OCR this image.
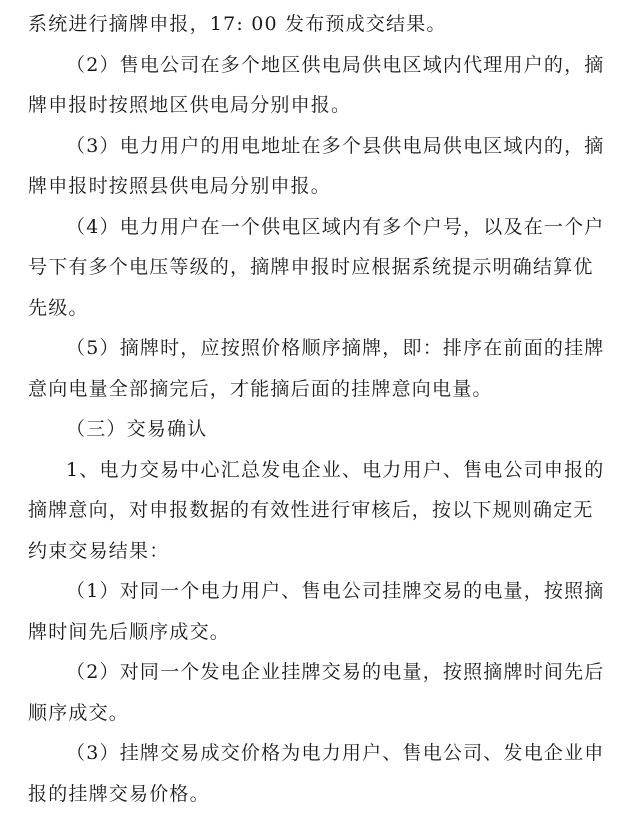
系统进行摘牌申报，17: 00 发布预成交结果。

（2）售电公司在多个地区供电局供电区域内代理用户的，摘
牌申报时按照地区供电局分别申报。

（3）电力用户的用电地址在多个县供电局供电区域内的，摘
牌申报时按照县供电局分别申报。

（4）电力用户在一个供电区域内有多个户号，以及在一个户
号下有多个电压等级的，摘牌申报时应根据系统提示明确结算优
先级。

（5）摘牌时，应按照价格顺序摘牌，即：排序在前面的挂牌
意向电量全部摘完后，才能摘后面的挂牌意向电量。

（三）交易确认

1、电力交易中心汇总发电企业、电力用户、售电公司申报的
摘牌意向，对申报数据的有效性进行审核后，按以下规则确定无
约束交易结果：

（1）对同一个电力用户、售电公司挂牌交易的电量，按照摘
牌时间先后顺序成交。

（2）对同一个发电企业挂牌交易的电量，按照摘牌时间先后
顺序成交。

（3）挂牌交易成交价格为电力用户、售电公司、发电企业申
报的挂牌交易价格。
